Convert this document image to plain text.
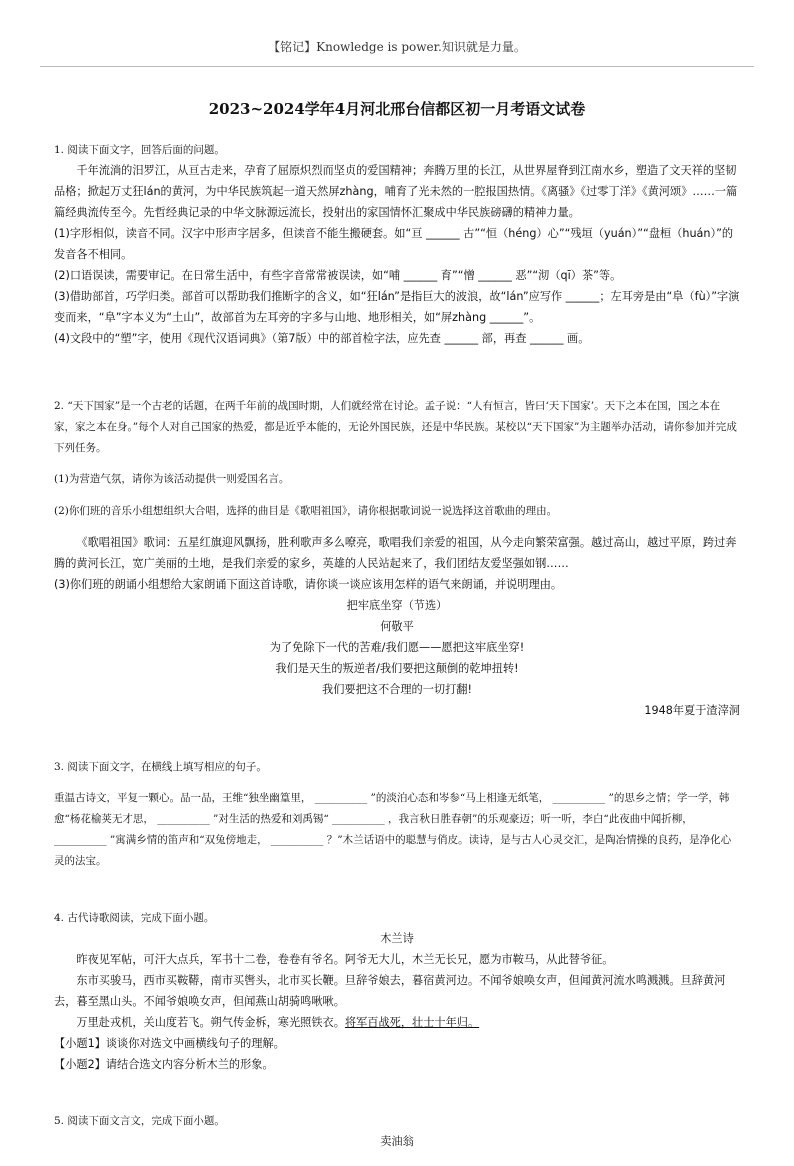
【铭记】Knowledge is power.知识就是力量。
2023~2024学年4月河北邢台信都区初一月考语文试卷

1. 阅读下面文字，回答后面的问题。

千年流淌的汨罗江，从亘古走来，孕育了屈原炽烈而坚贞的爱国精神；奔腾万里的长江，从世界屋脊到江南水乡，塑造了文天祥的坚韧品格；掀起万丈狂lán的黄河，为中华民族筑起一道天然屏zhàng，哺育了光未然的一腔报国热情。《离骚》《过零丁洋》《黄河颂》……一篇篇经典流传至今。先哲经典记录的中华文脉源远流长，投射出的家国情怀汇聚成中华民族磅礴的精神力量。

(1)字形相似，读音不同。汉字中形声字居多，但读音不能生搬硬套。如“亘 ______ 古”“恒（héng）心”“残垣（yuán）”“盘桓（huán）”的发音各不相同。

(2)口语误读，需要审记。在日常生活中，有些字音常常被误读，如“哺 ______ 育”“憎 ______ 恶”“沏（qī）茶”等。

(3)借助部首，巧学归类。部首可以帮助我们推断字的含义，如“狂lán”是指巨大的波浪，故“lán”应写作 ______；左耳旁是由“阜（fù）”字演变而来，“阜”字本义为“土山”，故部首为左耳旁的字多与山地、地形相关，如“屏zhàng ______”。

(4)文段中的“塑”字，使用《现代汉语词典》（第7版）中的部首检字法，应先查 ______ 部，再查 ______ 画。

2. “天下国家”是一个古老的话题，在两千年前的战国时期，人们就经常在讨论。孟子说：“人有恒言，皆曰‘天下国家’。天下之本在国，国之本在家，家之本在身。”每个人对自己国家的热爱，都是近乎本能的，无论外国民族，还是中华民族。某校以“天下国家”为主题举办活动，请你参加并完成下列任务。

(1)为营造气氛，请你为该活动提供一则爱国名言。

(2)你们班的音乐小组想组织大合唱，选择的曲目是《歌唱祖国》，请你根据歌词说一说选择这首歌曲的理由。

《歌唱祖国》歌词：五星红旗迎风飘扬，胜利歌声多么嘹亮，歌唱我们亲爱的祖国，从今走向繁荣富强。越过高山，越过平原，跨过奔腾的黄河长江，宽广美丽的土地，是我们亲爱的家乡，英雄的人民站起来了，我们团结友爱坚强如钢……

(3)你们班的朗诵小组想给大家朗诵下面这首诗歌，请你谈一谈应该用怎样的语气来朗诵，并说明理由。

把牢底坐穿（节选）

何敬平

为了免除下一代的苦难/我们愿——愿把这牢底坐穿!

我们是天生的叛逆者/我们要把这颠倒的乾坤扭转!

我们要把这不合理的一切打翻!

1948年夏于渣滓洞

3. 阅读下面文字，在横线上填写相应的句子。

重温古诗文，平复一颗心。品一品，王维“独坐幽篁里， __________ ”的淡泊心态和岑参“马上相逢无纸笔， __________ ”的思乡之情；学一学，韩愈“杨花榆荚无才思， __________ ”对生活的热爱和刘禹锡“ __________ ，我言秋日胜春朝”的乐观豪迈；听一听，李白“此夜曲中闻折柳， __________ ”寓满乡情的笛声和“双兔傍地走， __________ ？”木兰话语中的聪慧与俏皮。读诗，是与古人心灵交汇，是陶冶情操的良药，是净化心灵的法宝。

4. 古代诗歌阅读，完成下面小题。

木兰诗

昨夜见军帖，可汗大点兵，军书十二卷，卷卷有爷名。阿爷无大儿，木兰无长兄，愿为市鞍马，从此替爷征。

东市买骏马，西市买鞍鞯，南市买辔头，北市买长鞭。旦辞爷娘去，暮宿黄河边。不闻爷娘唤女声，但闻黄河流水鸣溅溅。旦辞黄河去，暮至黑山头。不闻爷娘唤女声，但闻燕山胡骑鸣啾啾。

万里赴戎机，关山度若飞。朔气传金柝，寒光照铁衣。将军百战死，壮士十年归。

【小题1】谈谈你对选文中画横线句子的理解。

【小题2】请结合选文内容分析木兰的形象。

5. 阅读下面文言文，完成下面小题。

卖油翁
